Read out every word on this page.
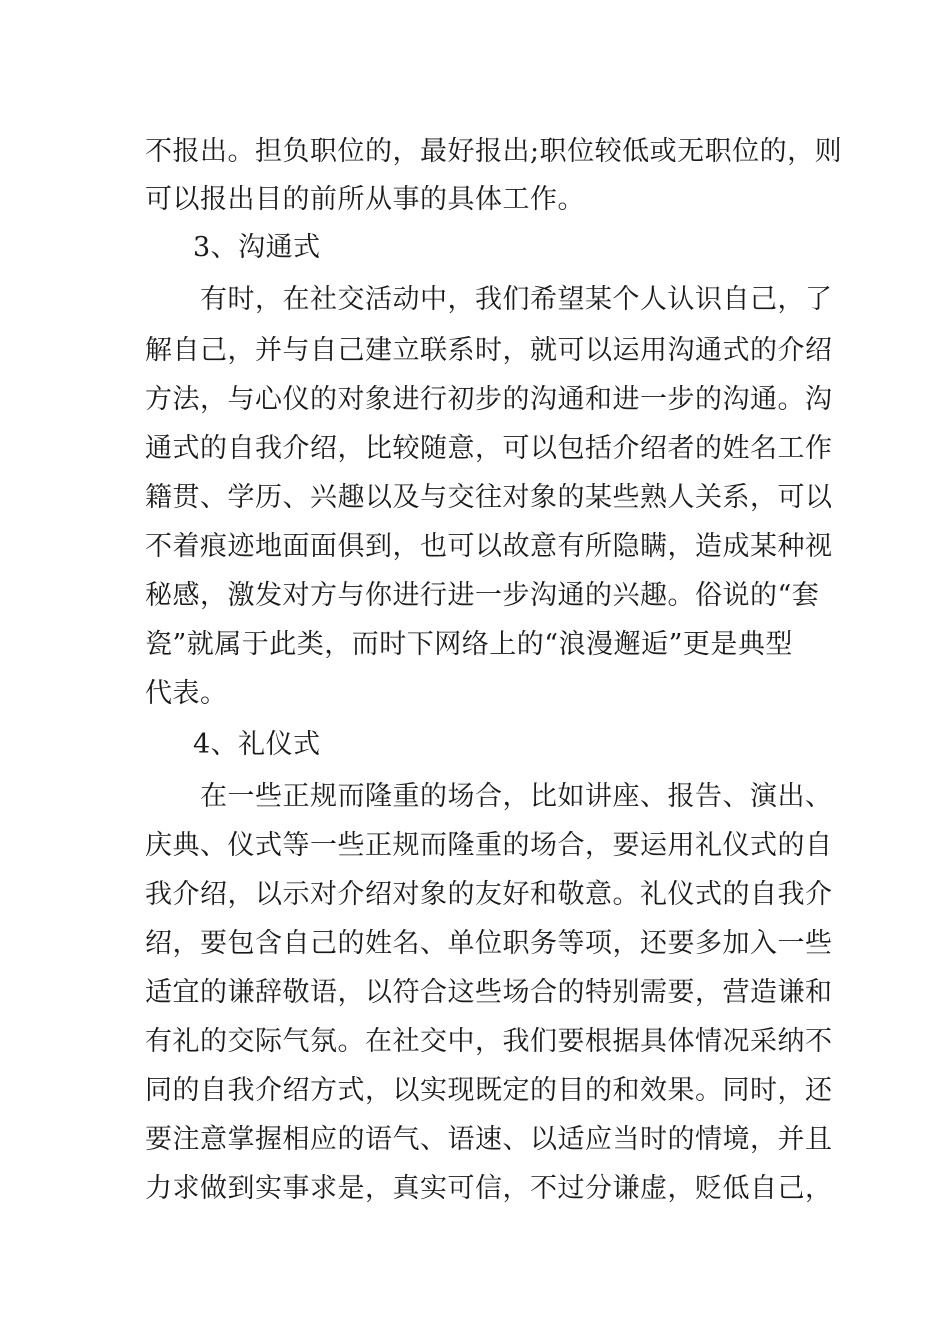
不报出。担负职位的，最好报出;职位较低或无职位的，则
可以报出目的前所从事的具体工作。
3、沟通式
有时，在社交活动中，我们希望某个人认识自己，了
解自己，并与自己建立联系时，就可以运用沟通式的介绍
方法，与心仪的对象进行初步的沟通和进一步的沟通。沟
通式的自我介绍，比较随意，可以包括介绍者的姓名工作
籍贯、学历、兴趣以及与交往对象的某些熟人关系，可以
不着痕迹地面面俱到，也可以故意有所隐瞒，造成某种视
秘感，激发对方与你进行进一步沟通的兴趣。俗说的“套
瓷”就属于此类，而时下网络上的“浪漫邂逅”更是典型
代表。
4、礼仪式
在一些正规而隆重的场合，比如讲座、报告、演出、
庆典、仪式等一些正规而隆重的场合，要运用礼仪式的自
我介绍，以示对介绍对象的友好和敬意。礼仪式的自我介
绍，要包含自己的姓名、单位职务等项，还要多加入一些
适宜的谦辞敬语，以符合这些场合的特别需要，营造谦和
有礼的交际气氛。在社交中，我们要根据具体情况采纳不
同的自我介绍方式，以实现既定的目的和效果。同时，还
要注意掌握相应的语气、语速、以适应当时的情境，并且
力求做到实事求是，真实可信，不过分谦虚，贬低自己，
